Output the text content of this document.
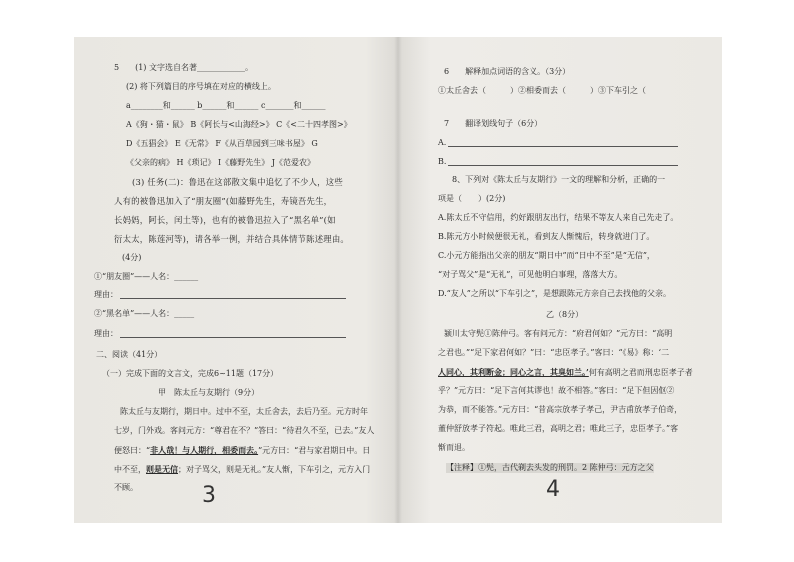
5　　(1) 文字选自名著____________。
(2) 将下列篇目的序号填在对应的横线上。
a________和______ b______和______ c_______和______
A《狗・猫・鼠》 B《阿长与<山海经>》 C《<二十四孝图>》
D《五猖会》 E《无常》 F《从百草园到三味书屋》 G
《父亲的病》 H《琐记》 I《藤野先生》 J《范爱农》
(3) 任务(二)：鲁迅在这部散文集中追忆了不少人，这些
人有的被鲁迅加入了“朋友圈”(如藤野先生，寿镜吾先生，
长妈妈，阿长，闰土等)，也有的被鲁迅拉入了“黑名单”(如
衍太太，陈莲河等)，请各举一例，并结合具体情节陈述理由。
(4分)
①“朋友圈”——人名：______
理由：
②“黑名单”——人名：_____
理由：
二、阅读（41分）
（一）完成下面的文言文，完成6~11题（17分）
甲　陈太丘与友期行（9分）
陈太丘与友期行，期日中。过中不至，太丘舍去，去后乃至。元方时年
七岁，门外戏。客问元方：“尊君在不？”答曰：“待君久不至，已去。”友人
便怒曰：“非人哉！与人期行，相委而去。”元方曰：“君与家君期日中。日
中不至，则是无信；对子骂父，则是无礼。”友人惭，下车引之，元方入门
不顾。	3
6　　解释加点词语的含义。（3分）
①太丘舍去（　　　）②相委而去（　　　）③下车引之（
7　　翻译划线句子（6分）
A.
B.
8、下列对《陈太丘与友期行》一文的理解和分析，正确的一
项是（　　）(2分)
A.陈太丘不守信用，约好跟朋友出行，结果不等友人来自己先走了。
B.陈元方小时候便很无礼，看到友人惭愧后，转身就进门了。
C.小元方能指出父亲的朋友“期日中”而“日中不至”是“无信”，
“对子骂父”是“无礼”，可见他明白事理，落落大方。
D.“友人”之所以“下车引之”，是想跟陈元方亲自己去找他的父亲。
乙（8分）
颍川太守髡①陈仲弓。客有问元方：“府君何如？”元方曰：“高明
之君也。”“足下家君何如？”曰：“忠臣孝子。”客曰：“《易》称：‘二
人同心，其利断金；同心之言，其臭如兰。’何有高明之君而刑忠臣孝子者
乎？”元方曰：“足下言何其谬也！故不相答。”客曰：“足下但因伛②
为恭，而不能答。”元方曰：“昔高宗放孝子孝己，尹吉甫放孝子伯奇，
董仲舒放孝子符起。唯此三君，高明之君；唯此三子，忠臣孝子。”客
惭而退。
【注释】①髡，古代剃去头发的刑罚。2 陈仲弓：元方之父
4
